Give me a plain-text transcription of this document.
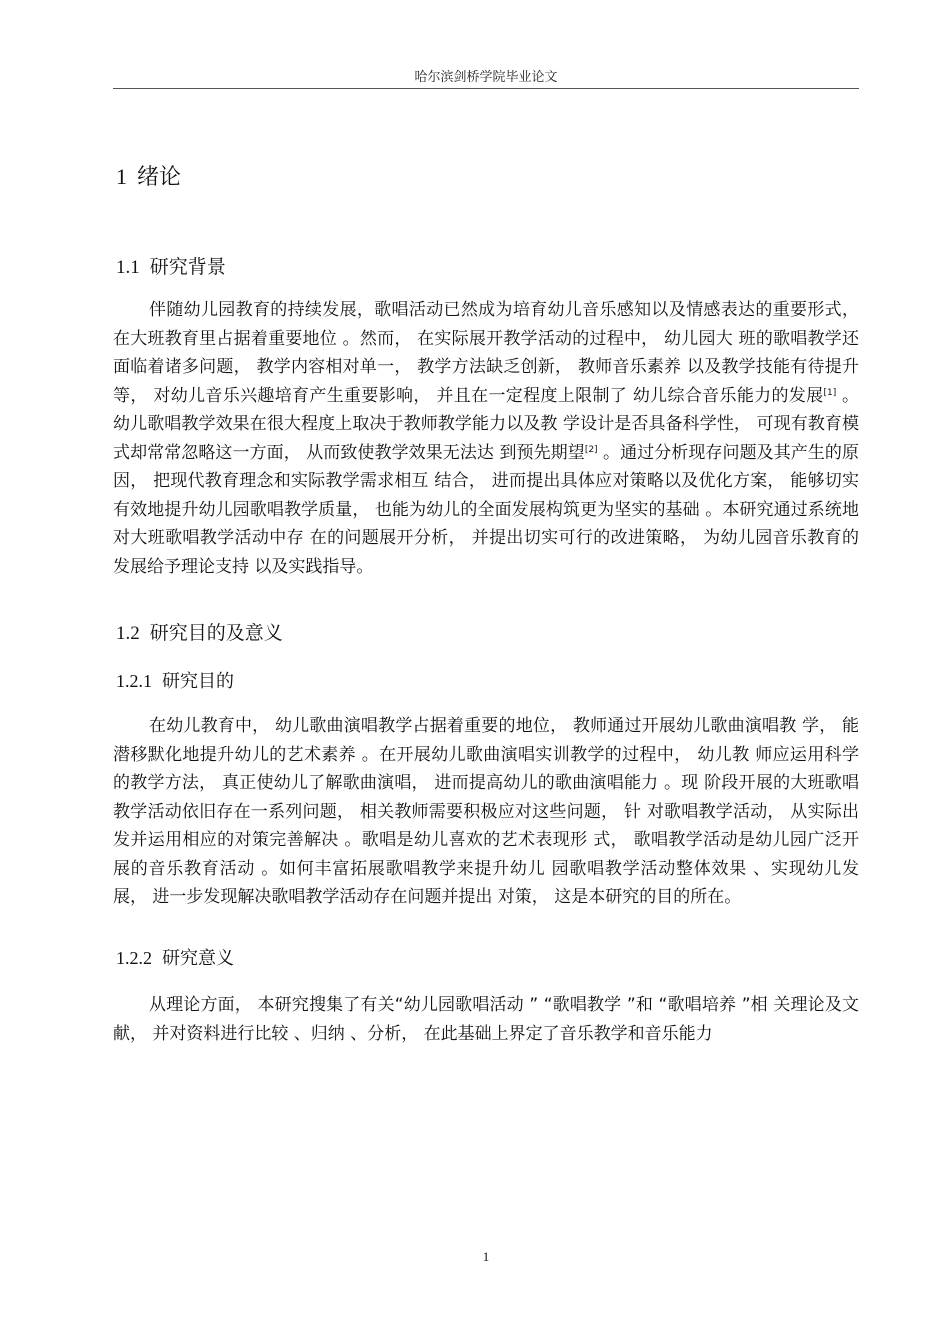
哈尔滨剑桥学院毕业论文
1 绪论
1.1 研究背景

伴随幼儿园教育的持续发展，歌唱活动已然成为培育幼儿音乐感知以及情感表达的重要形式， 在大班教育里占据着重要地位 。然而， 在实际展开教学活动的过程中， 幼儿园大 班的歌唱教学还面临着诸多问题， 教学内容相对单一， 教学方法缺乏创新， 教师音乐素养 以及教学技能有待提升等， 对幼儿音乐兴趣培育产生重要影响， 并且在一定程度上限制了 幼儿综合音乐能力的发展[1] 。幼儿歌唱教学效果在很大程度上取决于教师教学能力以及教 学设计是否具备科学性， 可现有教育模式却常常忽略这一方面， 从而致使教学效果无法达 到预先期望[2] 。通过分析现存问题及其产生的原因， 把现代教育理念和实际教学需求相互 结合， 进而提出具体应对策略以及优化方案， 能够切实有效地提升幼儿园歌唱教学质量， 也能为幼儿的全面发展构筑更为坚实的基础 。本研究通过系统地对大班歌唱教学活动中存 在的问题展开分析， 并提出切实可行的改进策略， 为幼儿园音乐教育的发展给予理论支持 以及实践指导。

1.2 研究目的及意义
1.2.1 研究目的

在幼儿教育中， 幼儿歌曲演唱教学占据着重要的地位， 教师通过开展幼儿歌曲演唱教 学， 能潜移默化地提升幼儿的艺术素养 。在开展幼儿歌曲演唱实训教学的过程中， 幼儿教 师应运用科学的教学方法， 真正使幼儿了解歌曲演唱， 进而提高幼儿的歌曲演唱能力 。现 阶段开展的大班歌唱教学活动依旧存在一系列问题， 相关教师需要积极应对这些问题， 针 对歌唱教学活动， 从实际出发并运用相应的对策完善解决 。歌唱是幼儿喜欢的艺术表现形 式， 歌唱教学活动是幼儿园广泛开展的音乐教育活动 。如何丰富拓展歌唱教学来提升幼儿 园歌唱教学活动整体效果 、实现幼儿发展， 进一步发现解决歌唱教学活动存在问题并提出 对策， 这是本研究的目的所在。

1.2.2 研究意义

从理论方面， 本研究搜集了有关“幼儿园歌唱活动 ” “歌唱教学 ”和 “歌唱培养 ”相 关理论及文献， 并对资料进行比较 、归纳 、分析， 在此基础上界定了音乐教学和音乐能力

1
